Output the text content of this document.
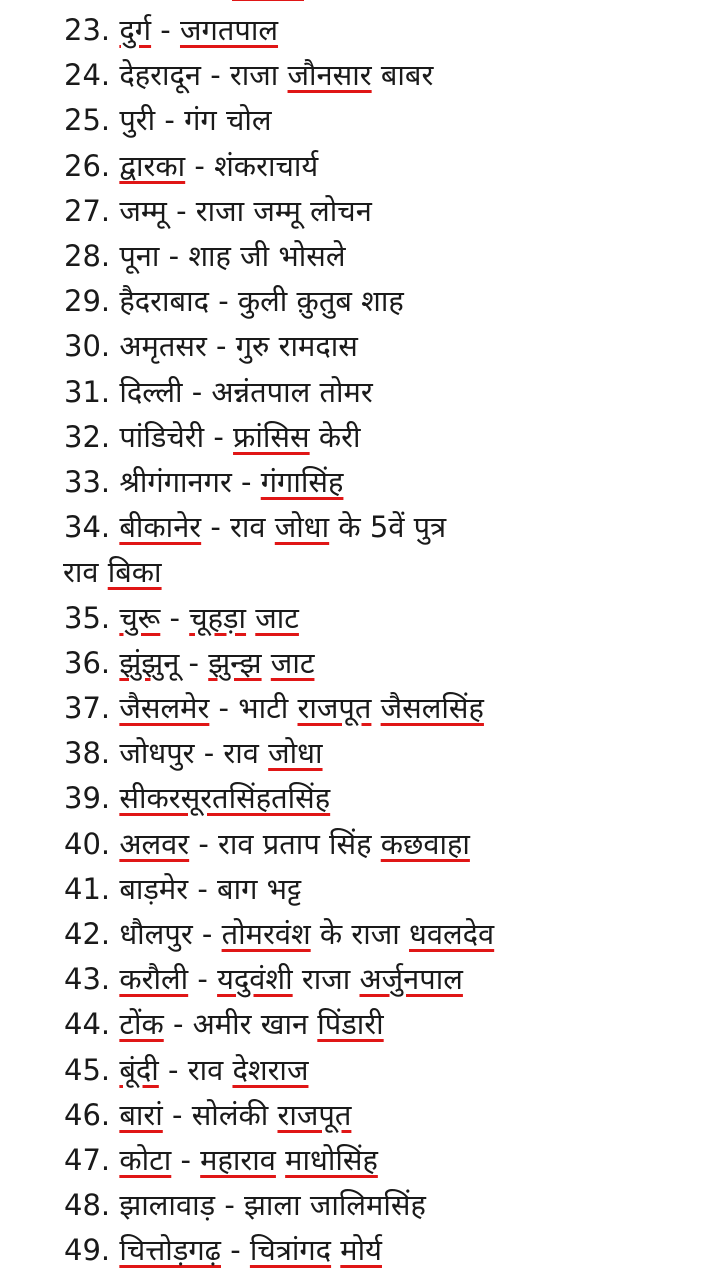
23. दुर्ग - जगतपाल
24. देहरादून - राजा जौनसार बाबर
25. पुरी - गंग चोल
26. द्वारका - शंकराचार्य
27. जम्मू - राजा जम्मू लोचन
28. पूना - शाह जी भोसले
29. हैदराबाद - कुली क़ुतुब शाह
30. अमृतसर - गुरु रामदास
31. दिल्ली - अन्नंतपाल तोमर
32. पांडिचेरी - फ्रांसिस केरी
33. श्रीगंगानगर - गंगासिंह
34. बीकानेर - राव जोधा के 5वें पुत्र
राव बिका
35. चुरू - चूहड़ा जाट
36. झुंझुनू - झुन्झ जाट
37. जैसलमेर - भाटी राजपूत जैसलसिंह
38. जोधपुर - राव जोधा
39. सीकरसूरतसिंहतसिंह
40. अलवर - राव प्रताप सिंह कछवाहा
41. बाड़मेर - बाग भट्ट
42. धौलपुर - तोमरवंश के राजा धवलदेव
43. करौली - यदुवंशी राजा अर्जुनपाल
44. टोंक - अमीर खान पिंडारी
45. बूंदी - राव देशराज
46. बारां - सोलंकी राजपूत
47. कोटा - महाराव माधोसिंह
48. झालावाड़ - झाला जालिमसिंह
49. चित्तोड़गढ़ - चित्रांगद मोर्य
